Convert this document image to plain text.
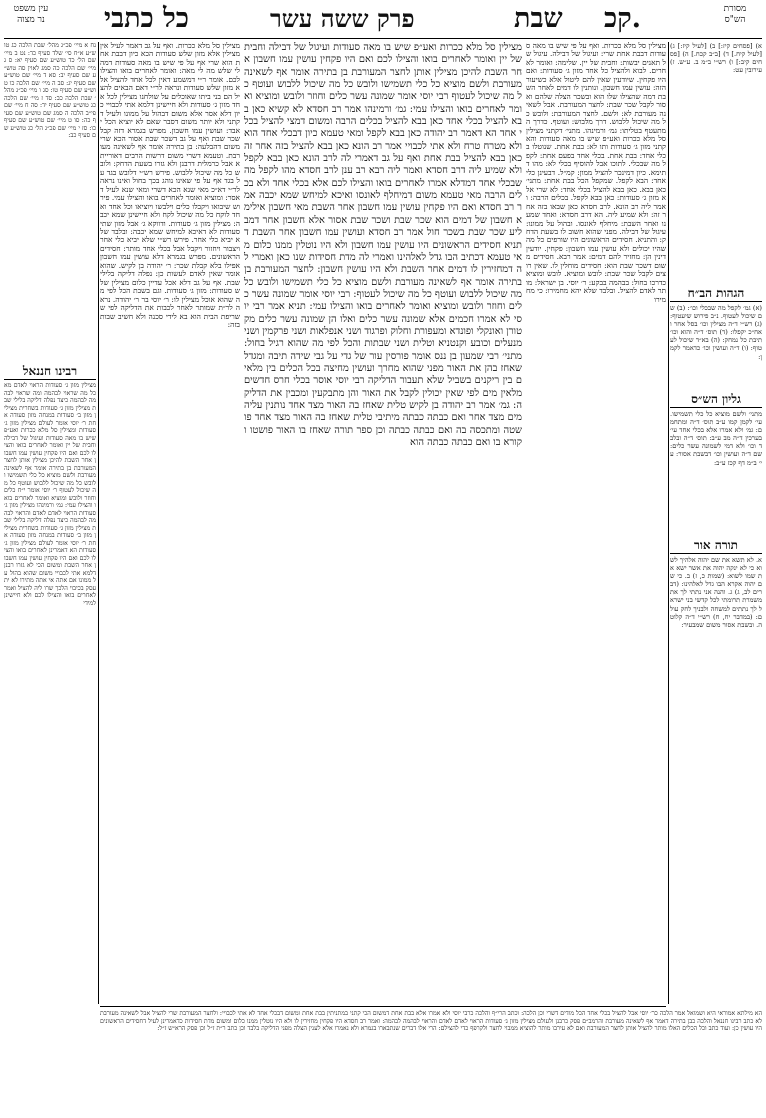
עין משפט
נר מצוה	כל כתבי	פרק ששה עשר	שבת קכ.	מסורת
הש"ס
נח א מיי׳ פכ״ג מהל׳ שבת הלכה כג טוש״ע א״ח סי׳ שלד סעיף כד: נט ב מיי׳ שם הל׳ כד טוש״ע שם סעיף יא: ס ג מיי׳ שם הלכה כה סמג לאוין סה טוש״ע שם סעיף יב: סא ד מיי׳ שם טוש״ע שם סעיף יג: סב ה מיי׳ שם הלכה כו טוש״ע שם סעיף טו: סג ו מיי׳ פכ״ג מהל׳ שבת הלכה כב: סד ז מיי׳ שם הלכה כג טוש״ע שם סעיף יד: סה ח מיי׳ שם פי״ב הלכה ה סמג שם טוש״ע שם סעיף כה: סו ט מיי׳ שם טוש״ע שם סעיף כו: סז י מיי׳ שם פכ״ג הל׳ כג טוש״ע שם סעיף כב:
רבינו חננאל
מצילין מזון ג׳ סעודות הראוי לאדם מאכל מה שראוי לבהמה ומה שראוי לבהמה לבהמה כיצד נפלה דליקה בלילי שבת מצילין מזון ג׳ סעודות בשחרית מצילין מזון ב׳ סעודות במנחה מזון סעודה אחת ר׳ יוסי אומר לעולם מצילין מזון ג׳ סעודות ומצילין סל מלא ככרות ואע״פ שיש בו מאה סעודות ועיגול של דבילה וחבית של יין ואומר לאחרים בואו והצילו לכם ואם היו פקחין עושין עמו חשבון אחר השבת להיכן מצילין אותן לחצר המעורבת בן בתירה אומר אף לשאינה מעורבת ולשם מוציא כל כלי תשמישו ולובש כל מה שיכול ללבוש ועוטף כל מה שיכול לעטוף ר׳ יוסי אומר י״ח כלים וחוזר ולובש ומוציא ואומר לאחרים בואו והצילו עמי: גמ׳ ורמינהו מצילין מזון ג׳ סעודות הראוי לאדם לאדם והראוי לבהמה לבהמה כיצד נפלה דליקה בלילי שבת מצילין מזון ג׳ סעודות בשחרית מצילין מזון ב׳ סעודות במנחה מזון סעודה אחת ר׳ יוסי אומר לעולם מצילין מזון ג׳ סעודות הא דאמרינן לאחרים בואו והצילו לכם ואם היו פקחין עושין עמו חשבון אחר השבת ומשום הכי לא גזרו רבנן דלמא אתי לכבויי משום שהוא בהול על ממונו אם אתה אי אתה מתירו לא יתעסק בכיבוי הלכך שרו ליה להציל ואמר לאחרים בואו והצילו לכם ולא חיישינן למידי
א) [פסחים קיז:] ב) [לעיל קיז:] ג) [לעיל קיח.] ד) [ב״ב קכח.] ה) [פסחים קיב:] ו) רש״י ב״מ ב. ע״ש. ז) עירובין עט:
הגהות הב״ח
(א) גמ׳ לקפל מה שבכלי וכו׳: (ב) שם שיכול לעטוף. נ״ב פירוש שיעטוף: (ג) רש״י ד״ה מצילין וכו׳ בסל אחר ואח״כ יקפלו: (ד) תוס׳ ד״ה והוא וכו׳ תיבת כל נמחק: (ה) בא״ד שיכול לעטוף: (ו) ד״ה ועושין וכו׳ כדאמר לקמן:
גליון הש״ס
מתני׳ ולשם מוציא כל כלי תשמישו. עי׳ לקמן קמו ע״ב תוס׳ ד״ה ומתחמם: גמ׳ ולא אמרו אלא בכלי אחד עי׳ בערכין ד״ה מב ע״ב: תוס׳ ד״ה ובלבד וכו׳ ולא דמי לשמונה עשר כלים: שם ד״ה ועושין וכו׳ דבשבת אסור: עי׳ ב״מ דף קכז ע״ב:
תורה אור
א. לא תשא את שם יהוה אלהיך לשוא כי לא ינקה יהוה את אשר ישא את שמו לשוא: (שמות כ, ז) ב. כי שם יהוה אקרא הבו גדל לאלהינו: (דברים לב, ג) ג. והנה אני נתתי לך את משמרת תרומתי לכל קדשי בני ישראל לך נתתים למשחה ולבניך לחק עולם: (במדבר יח, ח) רש״י ד״ה קלוטה. ובשבת אסור משום שמבעיר:
מצילין סל מלא ככרות. ואף על פי שיש בו מאה סעודות דבבת אחת שרי: ועיגול של דבילה. עיגול של תאנים יבשות: וחבית של יין. שלימה: ואומר לאחרים. לבוא ולהציל כל אחד מזון ג׳ סעודות: ואם היו פקחין. שיודעין שאין להם ליטול אלא כשיעור הזה: עושין עמו חשבון. ונותנין לו דמים לאחר השבת דמה שהצילו שלו הוא ובשכר הצלה שלהם ואסור לקבל שכר שבת: לחצר המעורבת. אבל לשאינה מעורבת לא: ולשם. לחצר המעורבת: ולובש כל מה שיכול ללבוש. דרך מלבוש: ועוטף. כדרך המתעטף בטליתו: גמ׳ ורמינהו. מתני׳ דקתני מצילין סל מלא ככרות ואע״פ שיש בו מאה סעודות והא קתני מזון ג׳ סעודות ותו לא: בבת אחת. שנוטלו בכלי אחד: בבת אחת. בכלי אחד בפעם אחת: לקפל מה שבכלי. לתוכו אבל להוסיף בכלי לא: מהו דתימא. כיון דמינכר להציל ממון: קמ״ל. דבעינן כלי אחד: הבא לקפל. שמקפל הכל בבת אחת: מתני׳ כאן בבא. כאן בבא להציל בכלי אחד: לא שרי אלא מזון ג׳ סעודות: כאן בבא לקפל. בכלים הרבה: ואמר ליה רב הונא. לרב חסדא כאן שבאו בזה אחר זה: ולא שמיע ליה. הא דרב חסדא: ואחד שמענו ואחר השבת: מיחלף לאונסו. ובהול על ממונו: עיגול של דבילה. מפני שהוא חשוב לו בשעת הדחק: והתניא. חסידים הראשונים היו שורפים כל מה שהיו יכולים ולא עושין עמו חשבון: פקחין. יודעין דינין הן: מחזיר להם דמים: אמר רבא. חסידים משום דשכר שבת הוא: חסידים מוחלין לו. שאין רוצים לקבל שכר שבת: לובש ומוציא. לובש ומוציא כדרכו בחול: בבהמה בבקע: ר׳ יוסי. בן ישראל: מותר לאדם להציל. ובלבד שלא יהא מחמירו: כי מחמירו
מצילין סל מלא ככרות. ואף על גב דאמר לעיל אין מצילין אלא מזון שלש סעודות הכא כיון דבבת אחת הוא שרי אף על פי שיש בו מאה סעודות דמה לי שלש מה לי מאה: ואומר לאחרים בואו והצילו לכם. אומר ר״י דמשמע דאין לכל אחד להציל אלא מזון שלש סעודות ונראה לר״י דאם הבאים להציל הם בני ביתו שאוכלים על שולחנו מצילין לכל אחד מזון ג׳ סעודות ולא חיישינן דלמא אתי לכבויי כיון דלא אסר אלא משום דבהול על ממונו ולעיל דקתני ולא יותר משום דסבר שאם לא יוציא הכל יאבד: ועושין עמו חשבון. מפרש בגמרא דזה קבל שכר שבת ואף על גב דשכר שבת אסור הכא שרי משום דהבלעה: בן בתירה אומר אף לשאינה מעורבת. וטעמא דשרי משום דרשות הרבים דאורייתא אבל כרמלית דרבנן ולא גזרו בשעת הדחק: ולובש כל מה שיכול ללבוש. פירש רש״י דלובש בגד על בגד אף על פי שאינו נוהג בכך בחול ואינו נראה לר״י דא״כ מאי שנא הכא דשרי ומאי שנא לעיל דאסר: ומוציא ואומר לאחרים בואו והצילו עמי. פירוש שיבואו ויקבלו כלים וילבשו ויוציאו וכל אחד ואחד לוקח כל מה שיכול לקח ולא חיישינן שמא יכבה: מצילין מזון ג׳ סעודות. ודווקא ג׳ אבל מזון שתי סעודות לא דאיכא למיחש שמא יכבה: ובלבד שלא יביא כלי אחר. פירש רש״י שלא יביא כלי אחר ויצבור ויחזור ויקבל אבל בכלי אחד מותר: חסידים הראשונים. מפרש בגמרא דלא עושין עמו חשבון אפילו בלא קבלת שכר: ר׳ יהודה בן לקיש. שהוא אומר שאין לאדם לעשות כן: נפלה דליקה בלילי שבת. אף על גב דלא אכל עדיין כלום מצילין שלש סעודות: מזון ג׳ סעודות. וגם בשבת הכל לפי מה שהוא אוכל מצילין לו: ר׳ יוסי בר ר׳ יהודה. נראה לר״ת שמותר לאחר לכבות את הדליקה לפי ששריפת הבית הוא בא לידי סכנה ולא חשיב שבות בזה:
מצילין סל מלא ככרות ואע״פ שיש בו מאה סעודות ועיגול של דבילה וחבית של יין ואומר לאחרים בואו והצילו לכם ואם היו פקחין עושין עמו חשבון אחר השבת להיכן מצילין אותן לחצר המעורבת בן בתירה אומר אף לשאינה מעורבת ולשם מוציא כל כלי תשמישו ולובש כל מה שיכול ללבוש ועוטף כל מה שיכול לעטוף רבי יוסי אומר שמונה עשר כלים וחוזר ולובש ומוציא ואומר לאחרים בואו והצילו עמי: גמ׳ ורמינהו אמר רב חסדא לא קשיא כאן בבא להציל בכלי אחד כאן בבא להציל בכלים הרבה ומשום דמצי להציל בכלי אחד הא דאמר רב יהודה כאן בבא לקפל ומאי טעמא כיון דבכלי אחד הוא ולא מטרח טרח ולא אתי לכבויי אמר רב הונא כאן בבא להציל בזה אחר זה כאן בבא להציל בבת אחת ואף על גב דאמרי לה לרב הונא כאן בבא לקפל ולא שמיע ליה דרב חסדא ואמר ליה רבא רב ענן לרב חסדא מהו לקפל מה שבכלי אחד דמדלא אמרו לאחרים בואו והצילו לכם אלא בכלי אחד ולא בכלים הרבה מאי טעמא משום דמיחלף לאונסו ואיכא למיחש שמא יכבה אמר רב חסדא ואם היו פקחין עושין עמו חשבון אחר השבת מאי חשבון אילימא חשבון של דמים הוא שכר שבת ושכר שבת אסור אלא חשבון אחר דמבליע שכר שבת בשכר חול אמר רב חסדא ועושין עמו חשבון אחר השבת דתניא חסידים הראשונים היו עושין עמו חשבון ולא היו נוטלין ממנו כלום מאי טעמא דכתיב הבו גדל לאלהינו ואמרי לה מדת חסידות שנו כאן ואמרי לה דמחזירין לו דמים אחר השבת ולא היו עושין חשבון: לחצר המעורבת בן בתירה אומר אף לשאינה מעורבת ולשם מוציא כל כלי תשמישו ולובש כל מה שיכול ללבוש ועוטף כל מה שיכול לעטוף: רבי יוסי אומר שמונה עשר כלים וחוזר ולובש ומוציא ואומר לאחרים בואו והצילו עמי: תניא אמר רבי יוסי לא אמרו חכמים אלא שמונה עשר כלים ואלו הן שמונה עשר כלים מקטורן ואונקלי ופונדא ומעפורת וחלוק ופרגוד ושני אנפלאות ושני פרקמין ושני מנעלים וכובע וקנטניא וטלית ושני שבתות והכל לפי מה שהוא רגיל בחול: מתני׳ רבי שמעון בן ננס אומר פורסין עור של גדי על גבי שידה תיבה ומגדל שאחז בהן את האור מפני שהוא מחרך ועושין מחיצה בכל הכלים בין מלאים בין ריקנים בשביל שלא תעבור הדליקה רבי יוסי אוסר בכלי חרס חדשים מלאין מים לפי שאין יכולין לקבל את האור והן מתבקעין ומכבין את הדליקה: גמ׳ אמר רב יהודה בן לקיש טלית שאחז בה האור מצד אחד נותנין עליה מים מצד אחר ואם כבתה כבתה מיתיבי טלית שאחז בה האור מצד אחד פושטה ומתכסה בה ואם כבתה כבתה וכן ספר תורה שאחז בו האור פושטו וקורא בו ואם כבתה כבתה הוא
הא מילתא אמוראי היא ושמואל אמר הלכה כר׳ יוסי אבל להציל בכלי אחד הכל מודים דשרי וכן הלכה: וכתב הרי״ף והלכה כרבי יוסי ולא אמרו אלא בבת אחת דמשום הכי קתני במתניתין בבת אחת ומשום דבכלי אחד לא אתי לכבויי: ולחצר המעורבת שרי להציל אבל לשאינה מעורבת לא כתב רבינו חננאל והלכה כבן בתירה דאמר אף לשאינה מעורבת והרמב״ם פסק כרבנן ולעולם מצילין מזון ג׳ סעודות הראוי לאדם לאדם והראוי לבהמה לבהמה: ואמר רב חסדא היו פקחין מחזירין לו ולא היו נוטלין ממנו כלום ומשום מדת חסידות כדאמרינן לעיל דחסידים הראשונים היו עושין כן: ועוד כתב וכל הכלים האלו מותר להציל אותן לחצר המעורבת ואם לא עירבו מותר להוציא ממבוי לחצר ולקרפף כדי להצילם: הרי אלו דברים שנתבארו בגמרא ולא נאמרו אלא לענין הצלה מפני הדליקה בלבד וכן כתב ר״ת ז״ל וכן פסק הרא״ש ז״ל:
